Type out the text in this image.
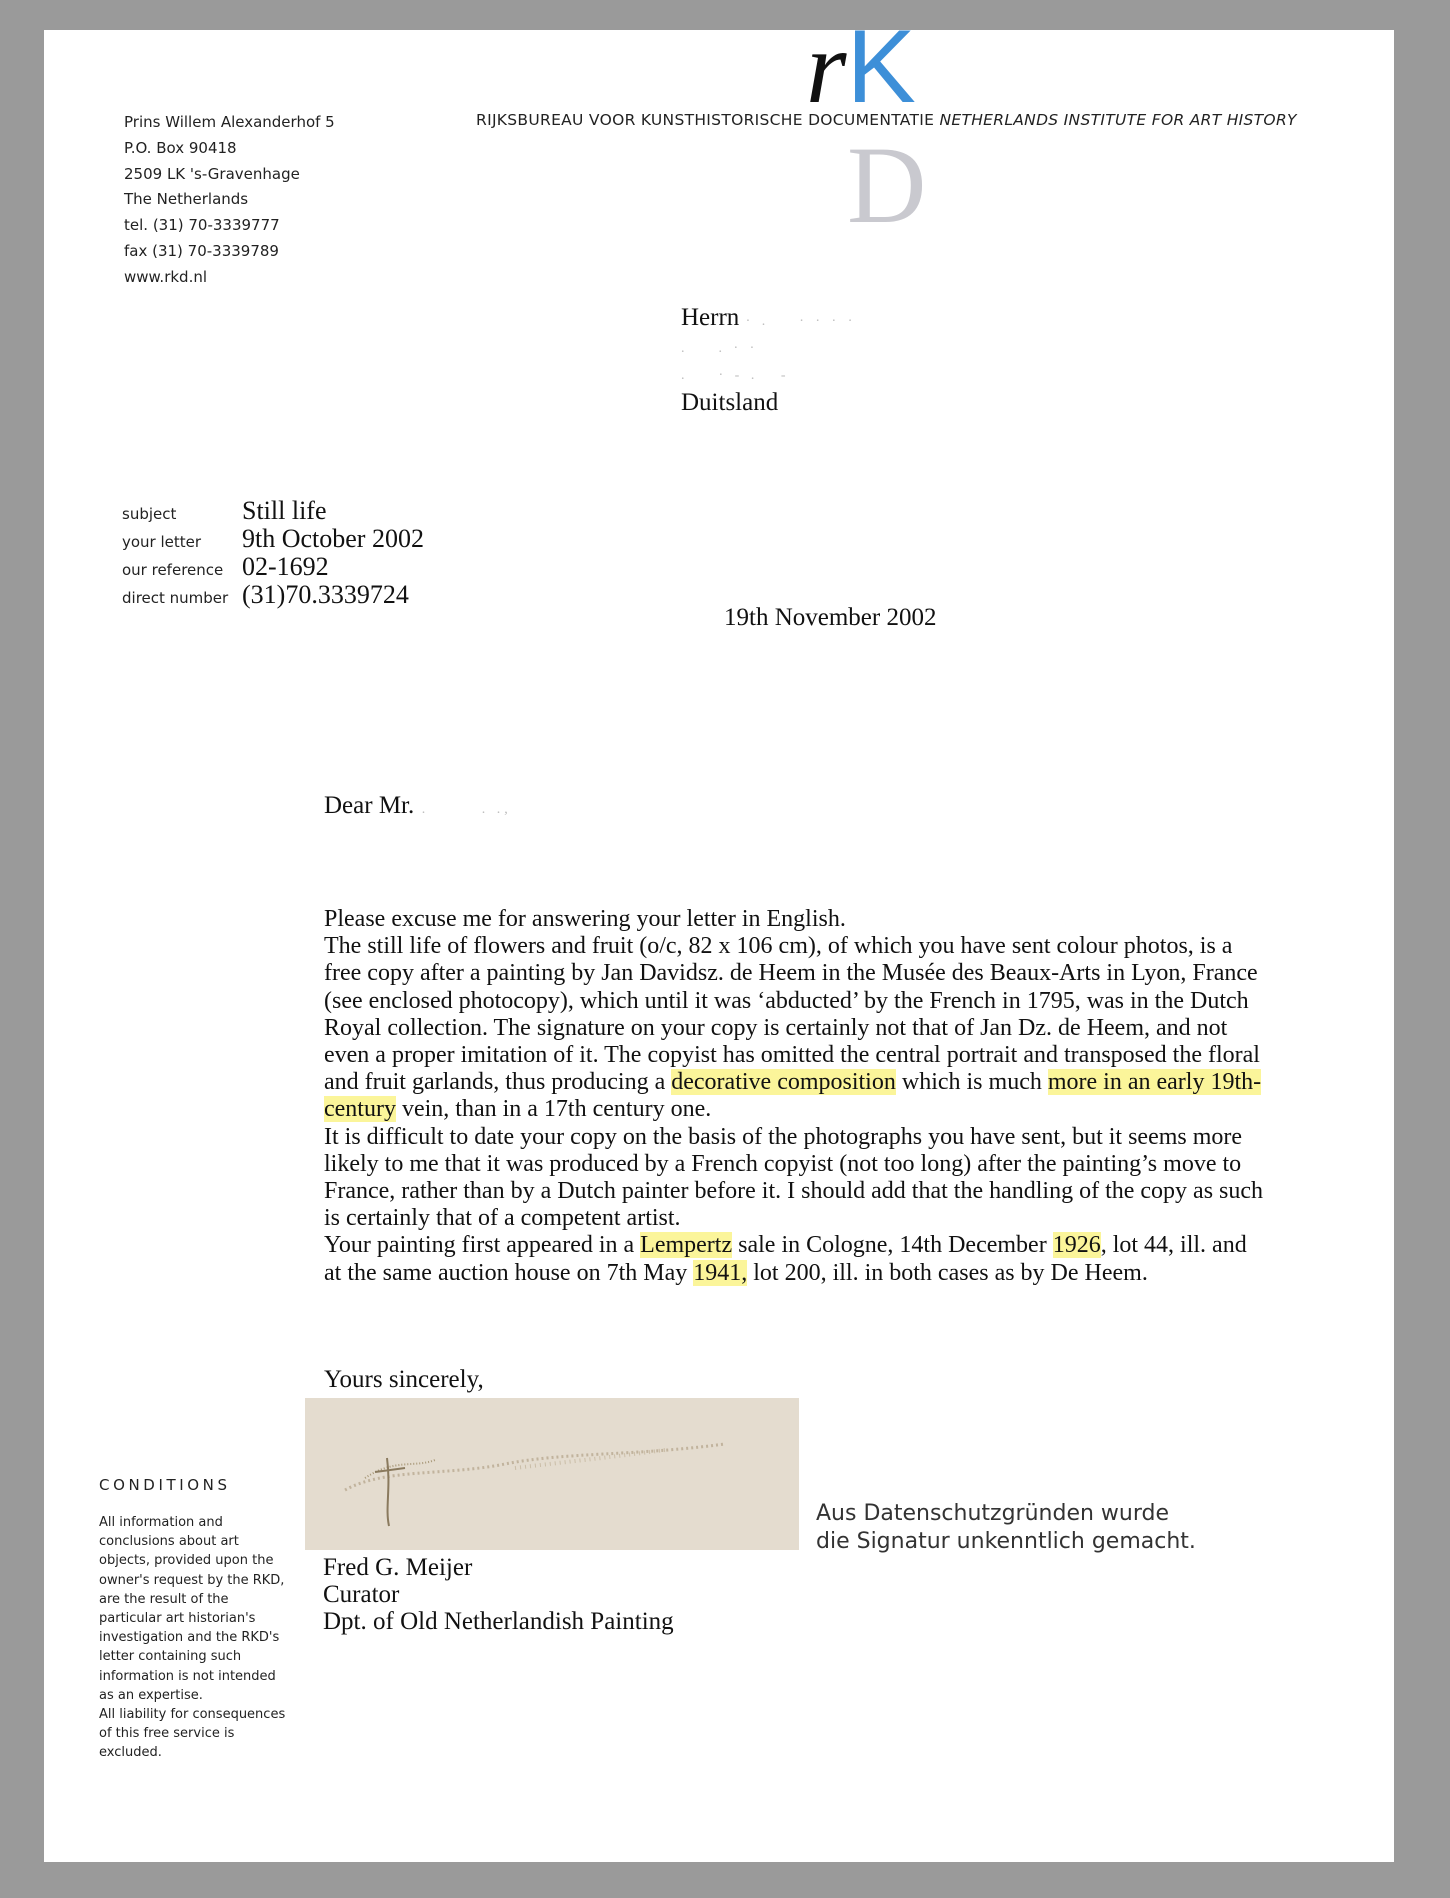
rK
D
RIJKSBUREAU VOOR KUNSTHISTORISCHE DOCUMENTATIE NETHERLANDS INSTITUTE FOR ART HISTORY
Prins Willem Alexanderhof 5
P.O. Box 90418
2509 LK 's-Gravenhage
The Netherlands
tel. (31) 70-3339777
fax (31) 70-3339789
www.rkd.nl
Herrn · .    · · · ·
.    . · ·
.    · - .   -
Duitsland
subject	Still life
your letter	9th October 2002
our reference 02-1692
direct number (31)70.3339724
19th November 2002
Dear Mr. .       . .,

Please excuse me for answering your letter in English.

The still life of flowers and fruit (o/c, 82 x 106 cm), of which you have sent colour photos, is a free copy after a painting by Jan Davidsz. de Heem in the Musée des Beaux-Arts in Lyon, France (see enclosed photocopy), which until it was ‘abducted’ by the French in 1795, was in the Dutch Royal collection. The signature on your copy is certainly not that of Jan Dz. de Heem, and not even a proper imitation of it. The copyist has omitted the central portrait and transposed the floral and fruit garlands, thus producing a decorative composition which is much more in an early 19th-century vein, than in a 17th century one.

It is difficult to date your copy on the basis of the photographs you have sent, but it seems more likely to me that it was produced by a French copyist (not too long) after the painting’s move to France, rather than by a Dutch painter before it. I should add that the handling of the copy as such is certainly that of a competent artist.

Your painting first appeared in a Lempertz sale in Cologne, 14th December 1926, lot 44, ill. and at the same auction house on 7th May 1941, lot 200, ill. in both cases as by De Heem.

Yours sincerely,
Aus Datenschutzgründen wurde
die Signatur unkenntlich gemacht.
Fred G. Meijer
Curator
Dpt. of Old Netherlandish Painting
CONDITIONS
All information and conclusions about art objects, provided upon the owner's request by the RKD, are the result of the particular art historian's investigation and the RKD's letter containing such information is not intended as an expertise.
All liability for consequences of this free service is excluded.
